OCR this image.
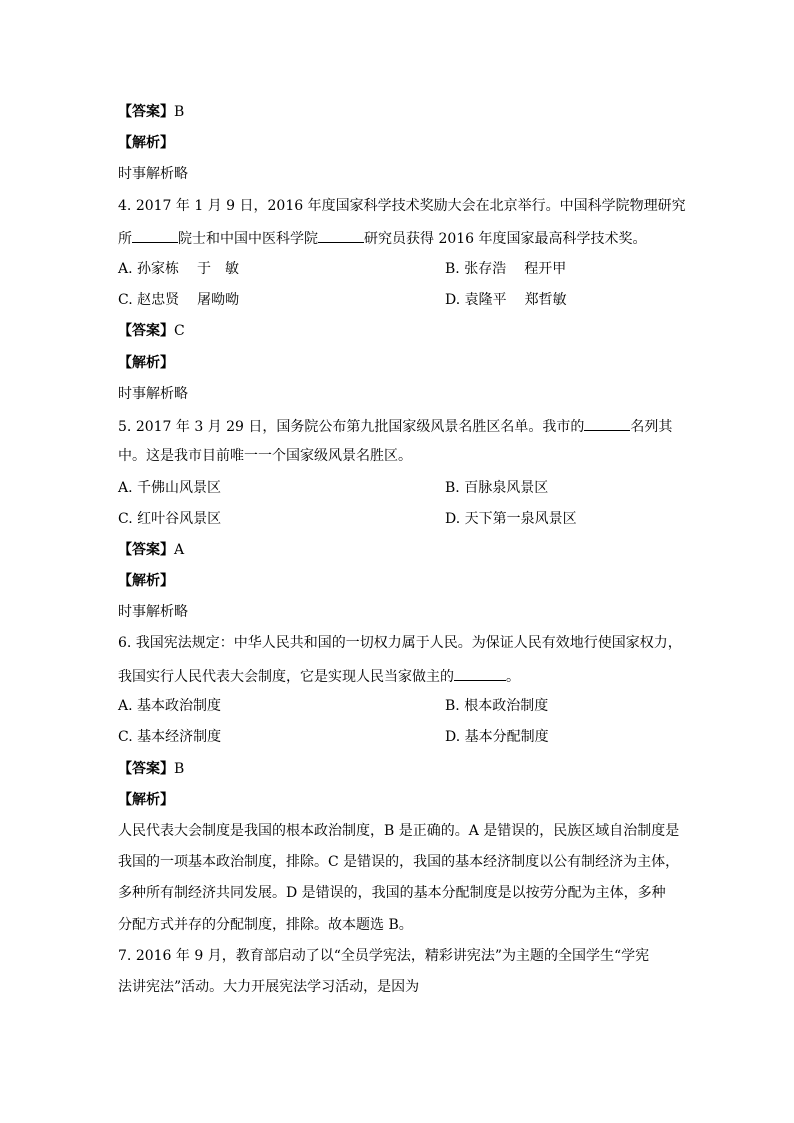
【答案】B
【解析】
时事解析略
4. 2017 年 1 月 9 日，2016 年度国家科学技术奖励大会在北京举行。中国科学院物理研究
所	院士和中国中医科学院	研究员获得 2016 年度国家最高科学技术奖。
A. 孙家栋 于　敏	B. 张存浩 程开甲
C. 赵忠贤 屠呦呦	D. 袁隆平 郑哲敏
【答案】C
【解析】
时事解析略
5. 2017 年 3 月 29 日，国务院公布第九批国家级风景名胜区名单。我市的	名列其
中。这是我市目前唯一一个国家级风景名胜区。
A. 千佛山风景区	B. 百脉泉风景区
C. 红叶谷风景区	D. 天下第一泉风景区
【答案】A
【解析】
时事解析略
6. 我国宪法规定：中华人民共和国的一切权力属于人民。为保证人民有效地行使国家权力，
我国实行人民代表大会制度，它是实现人民当家做主的	。
A. 基本政治制度	B. 根本政治制度
C. 基本经济制度	D. 基本分配制度
【答案】B
【解析】
人民代表大会制度是我国的根本政治制度，B 是正确的。A 是错误的，民族区域自治制度是
我国的一项基本政治制度，排除。C 是错误的，我国的基本经济制度以公有制经济为主体，
多种所有制经济共同发展。D 是错误的，我国的基本分配制度是以按劳分配为主体，多种
分配方式并存的分配制度，排除。故本题选 B。
7. 2016 年 9 月，教育部启动了以“全员学宪法，精彩讲宪法”为主题的全国学生“学宪
法讲宪法”活动。大力开展宪法学习活动，是因为
